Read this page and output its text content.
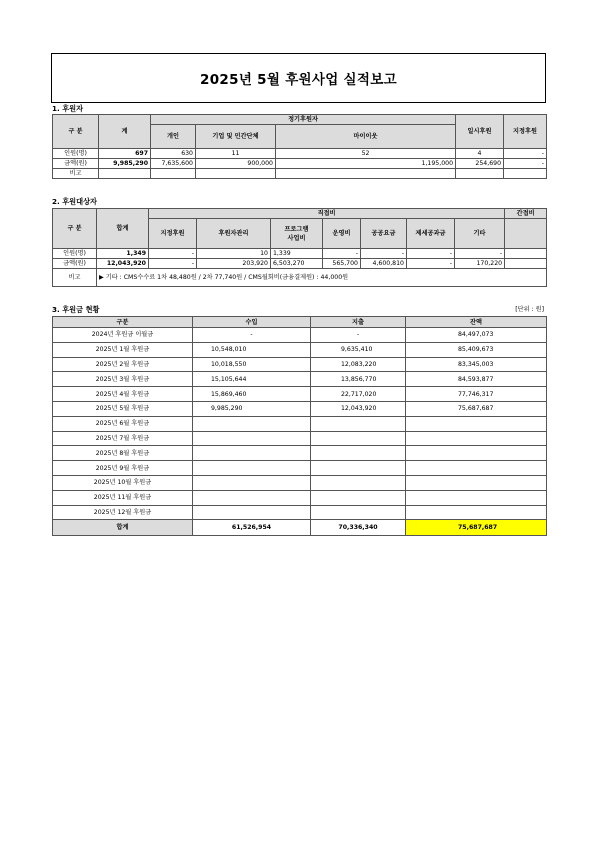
2025년 5월 후원사업 실적보고
1. 후원자
구 분	계	정기후원자			일시후원	지정후원
		개인	기업 및 민간단체	마이이웃		
인원(명)	697	630	11	52	4	-
금액(원)	9,985,290	7,635,600	900,000	1,195,000	254,690	-
비고						
2. 후원대상자
구 분	합계	직접비							간접비
		지정후원	후원자관리	프로그램
사업비	운영비	공공요금	제세공과금	기타	
인원(명)	1,349	-	10	1,339	-	-	-	-	
금액(원)	12,043,920	-	203,920	6,503,270	565,700	4,600,810	-	170,220	
비고	▶ 기타 : CMS수수료 1차 48,480원 / 2차 77,740원 / CMS월회비(금융결제원) : 44,000원								
3. 후원금 현황	[단위 : 원]
구분	수입	지출	잔액
2024년 후원금 이월금	-	-	84,497,073
2025년 1월 후원금	10,548,010	9,635,410	85,409,673
2025년 2월 후원금	10,018,550	12,083,220	83,345,003
2025년 3월 후원금	15,105,644	13,856,770	84,593,877
2025년 4월 후원금	15,869,460	22,717,020	77,746,317
2025년 5월 후원금	9,985,290	12,043,920	75,687,687
2025년 6월 후원금			
2025년 7월 후원금			
2025년 8월 후원금			
2025년 9월 후원금			
2025년 10월 후원금			
2025년 11월 후원금			
2025년 12월 후원금			
합계	61,526,954	70,336,340	75,687,687
